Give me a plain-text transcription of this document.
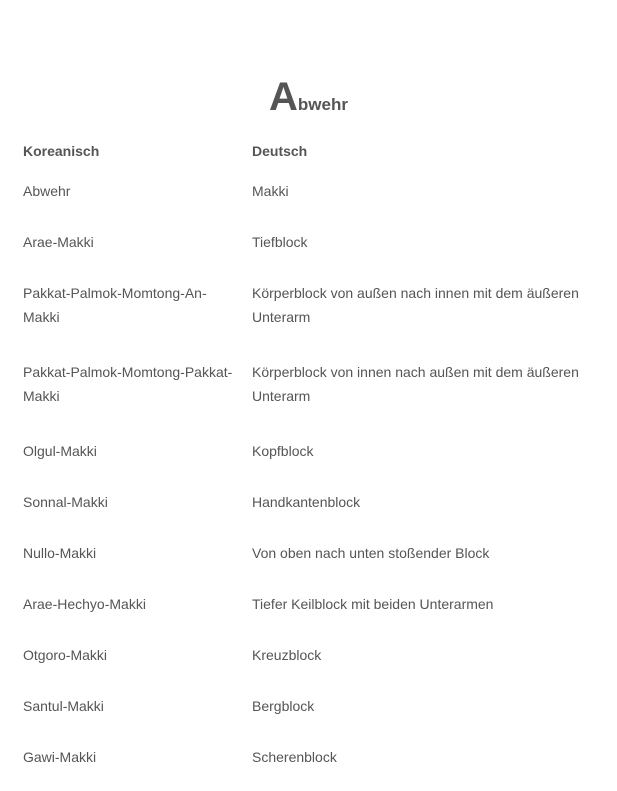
Abwehr
Koreanisch	Deutsch
Abwehr	Makki
Arae-Makki	Tiefblock
Pakkat-Palmok-Momtong-An-Makki	Körperblock von außen nach innen mit dem äußeren Unterarm
Pakkat-Palmok-Momtong-Pakkat-Makki	Körperblock von innen nach außen mit dem äußeren Unterarm
Olgul-Makki	Kopfblock
Sonnal-Makki	Handkantenblock
Nullo-Makki	Von oben nach unten stoßender Block
Arae-Hechyo-Makki	Tiefer Keilblock mit beiden Unterarmen
Otgoro-Makki	Kreuzblock
Santul-Makki	Bergblock
Gawi-Makki	Scherenblock
